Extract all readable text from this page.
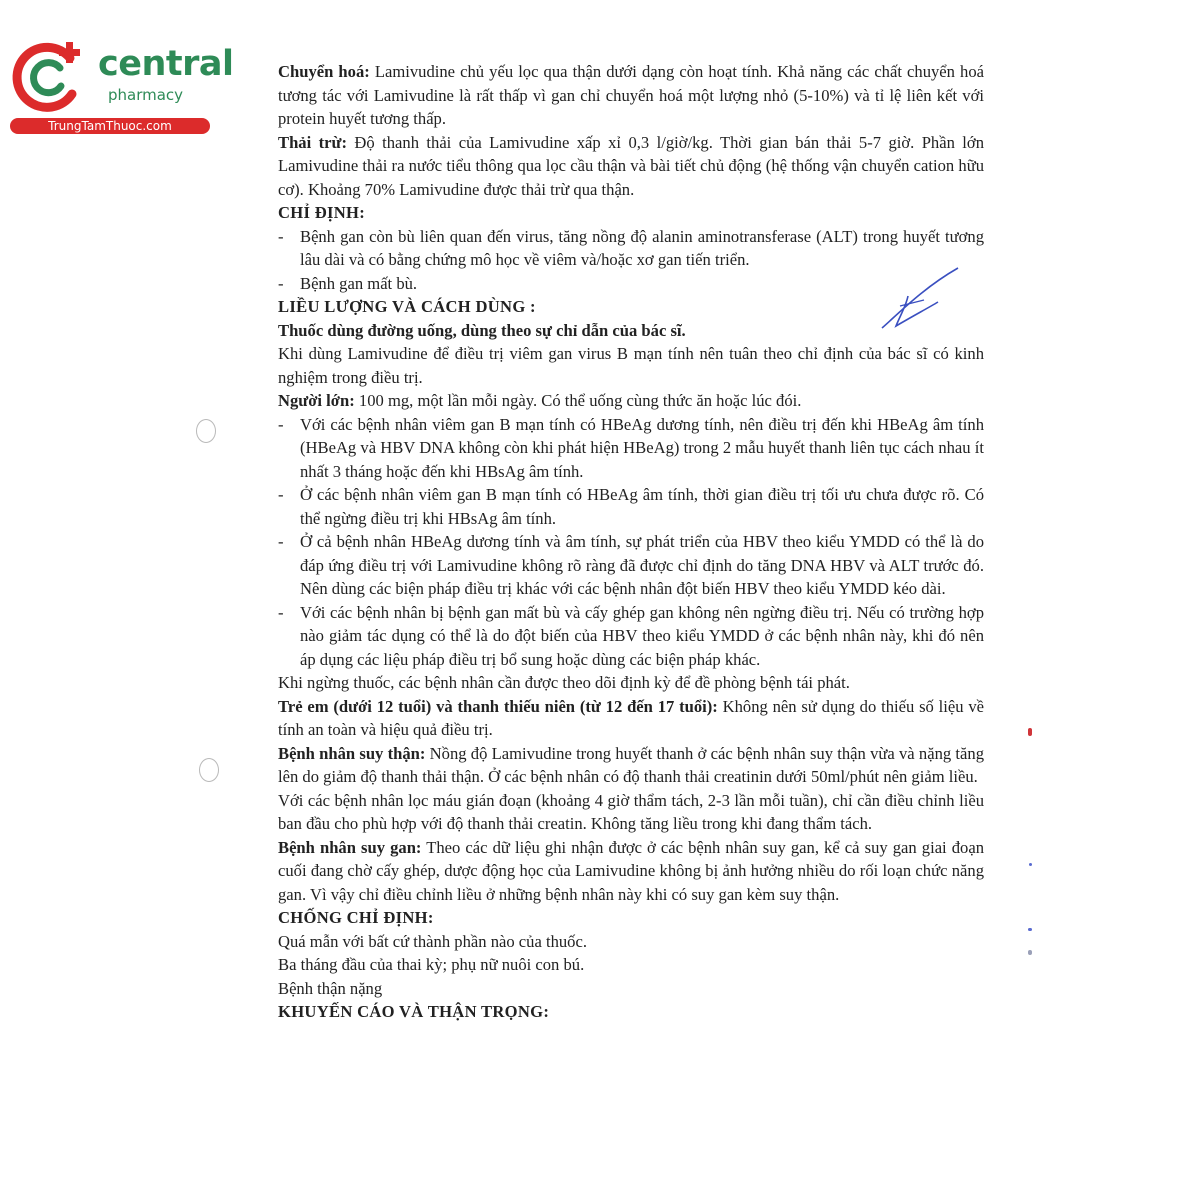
central
pharmacy
TrungTamThuoc.com

Chuyển hoá: Lamivudine chủ yếu lọc qua thận dưới dạng còn hoạt tính. Khả năng các chất chuyển hoá tương tác với Lamivudine là rất thấp vì gan chỉ chuyển hoá một lượng nhỏ (5-10%) và tỉ lệ liên kết với protein huyết tương thấp.

Thải trừ: Độ thanh thải của Lamivudine xấp xỉ 0,3 l/giờ/kg. Thời gian bán thải 5-7 giờ. Phần lớn Lamivudine thải ra nước tiểu thông qua lọc cầu thận và bài tiết chủ động (hệ thống vận chuyển cation hữu cơ). Khoảng 70% Lamivudine được thải trừ qua thận.

CHỈ ĐỊNH:

- Bệnh gan còn bù liên quan đến virus, tăng nồng độ alanin aminotransferase (ALT) trong huyết tương lâu dài và có bằng chứng mô học về viêm và/hoặc xơ gan tiến triển.

- Bệnh gan mất bù.

LIỀU LƯỢNG VÀ CÁCH DÙNG :

Thuốc dùng đường uống, dùng theo sự chỉ dẫn của bác sĩ.

Khi dùng Lamivudine để điều trị viêm gan virus B mạn tính nên tuân theo chỉ định của bác sĩ có kinh nghiệm trong điều trị.

Người lớn: 100 mg, một lần mỗi ngày. Có thể uống cùng thức ăn hoặc lúc đói.

- Với các bệnh nhân viêm gan B mạn tính có HBeAg dương tính, nên điều trị đến khi HBeAg âm tính (HBeAg và HBV DNA không còn khi phát hiện HBeAg) trong 2 mẫu huyết thanh liên tục cách nhau ít nhất 3 tháng hoặc đến khi HBsAg âm tính.

- Ở các bệnh nhân viêm gan B mạn tính có HBeAg âm tính, thời gian điều trị tối ưu chưa được rõ. Có thể ngừng điều trị khi HBsAg âm tính.

- Ở cả bệnh nhân HBeAg dương tính và âm tính, sự phát triển của HBV theo kiểu YMDD có thể là do đáp ứng điều trị với Lamivudine không rõ ràng đã được chỉ định do tăng DNA HBV và ALT trước đó. Nên dùng các biện pháp điều trị khác với các bệnh nhân đột biến HBV theo kiểu YMDD kéo dài.

- Với các bệnh nhân bị bệnh gan mất bù và cấy ghép gan không nên ngừng điều trị. Nếu có trường hợp nào giảm tác dụng có thể là do đột biến của HBV theo kiểu YMDD ở các bệnh nhân này, khi đó nên áp dụng các liệu pháp điều trị bổ sung hoặc dùng các biện pháp khác.

Khi ngừng thuốc, các bệnh nhân cần được theo dõi định kỳ để đề phòng bệnh tái phát.

Trẻ em (dưới 12 tuổi) và thanh thiếu niên (từ 12 đến 17 tuổi): Không nên sử dụng do thiếu số liệu về tính an toàn và hiệu quả điều trị.

Bệnh nhân suy thận: Nồng độ Lamivudine trong huyết thanh ở các bệnh nhân suy thận vừa và nặng tăng lên do giảm độ thanh thải thận. Ở các bệnh nhân có độ thanh thải creatinin dưới 50ml/phút nên giảm liều.

Với các bệnh nhân lọc máu gián đoạn (khoảng 4 giờ thẩm tách, 2-3 lần mỗi tuần), chỉ cần điều chỉnh liều ban đầu cho phù hợp với độ thanh thải creatin. Không tăng liều trong khi đang thẩm tách.

Bệnh nhân suy gan: Theo các dữ liệu ghi nhận được ở các bệnh nhân suy gan, kể cả suy gan giai đoạn cuối đang chờ cấy ghép, dược động học của Lamivudine không bị ảnh hưởng nhiều do rối loạn chức năng gan. Vì vậy chỉ điều chỉnh liều ở những bệnh nhân này khi có suy gan kèm suy thận.

CHỐNG CHỈ ĐỊNH:

Quá mẫn với bất cứ thành phần nào của thuốc.

Ba tháng đầu của thai kỳ; phụ nữ nuôi con bú.

Bệnh thận nặng

KHUYẾN CÁO VÀ THẬN TRỌNG:
